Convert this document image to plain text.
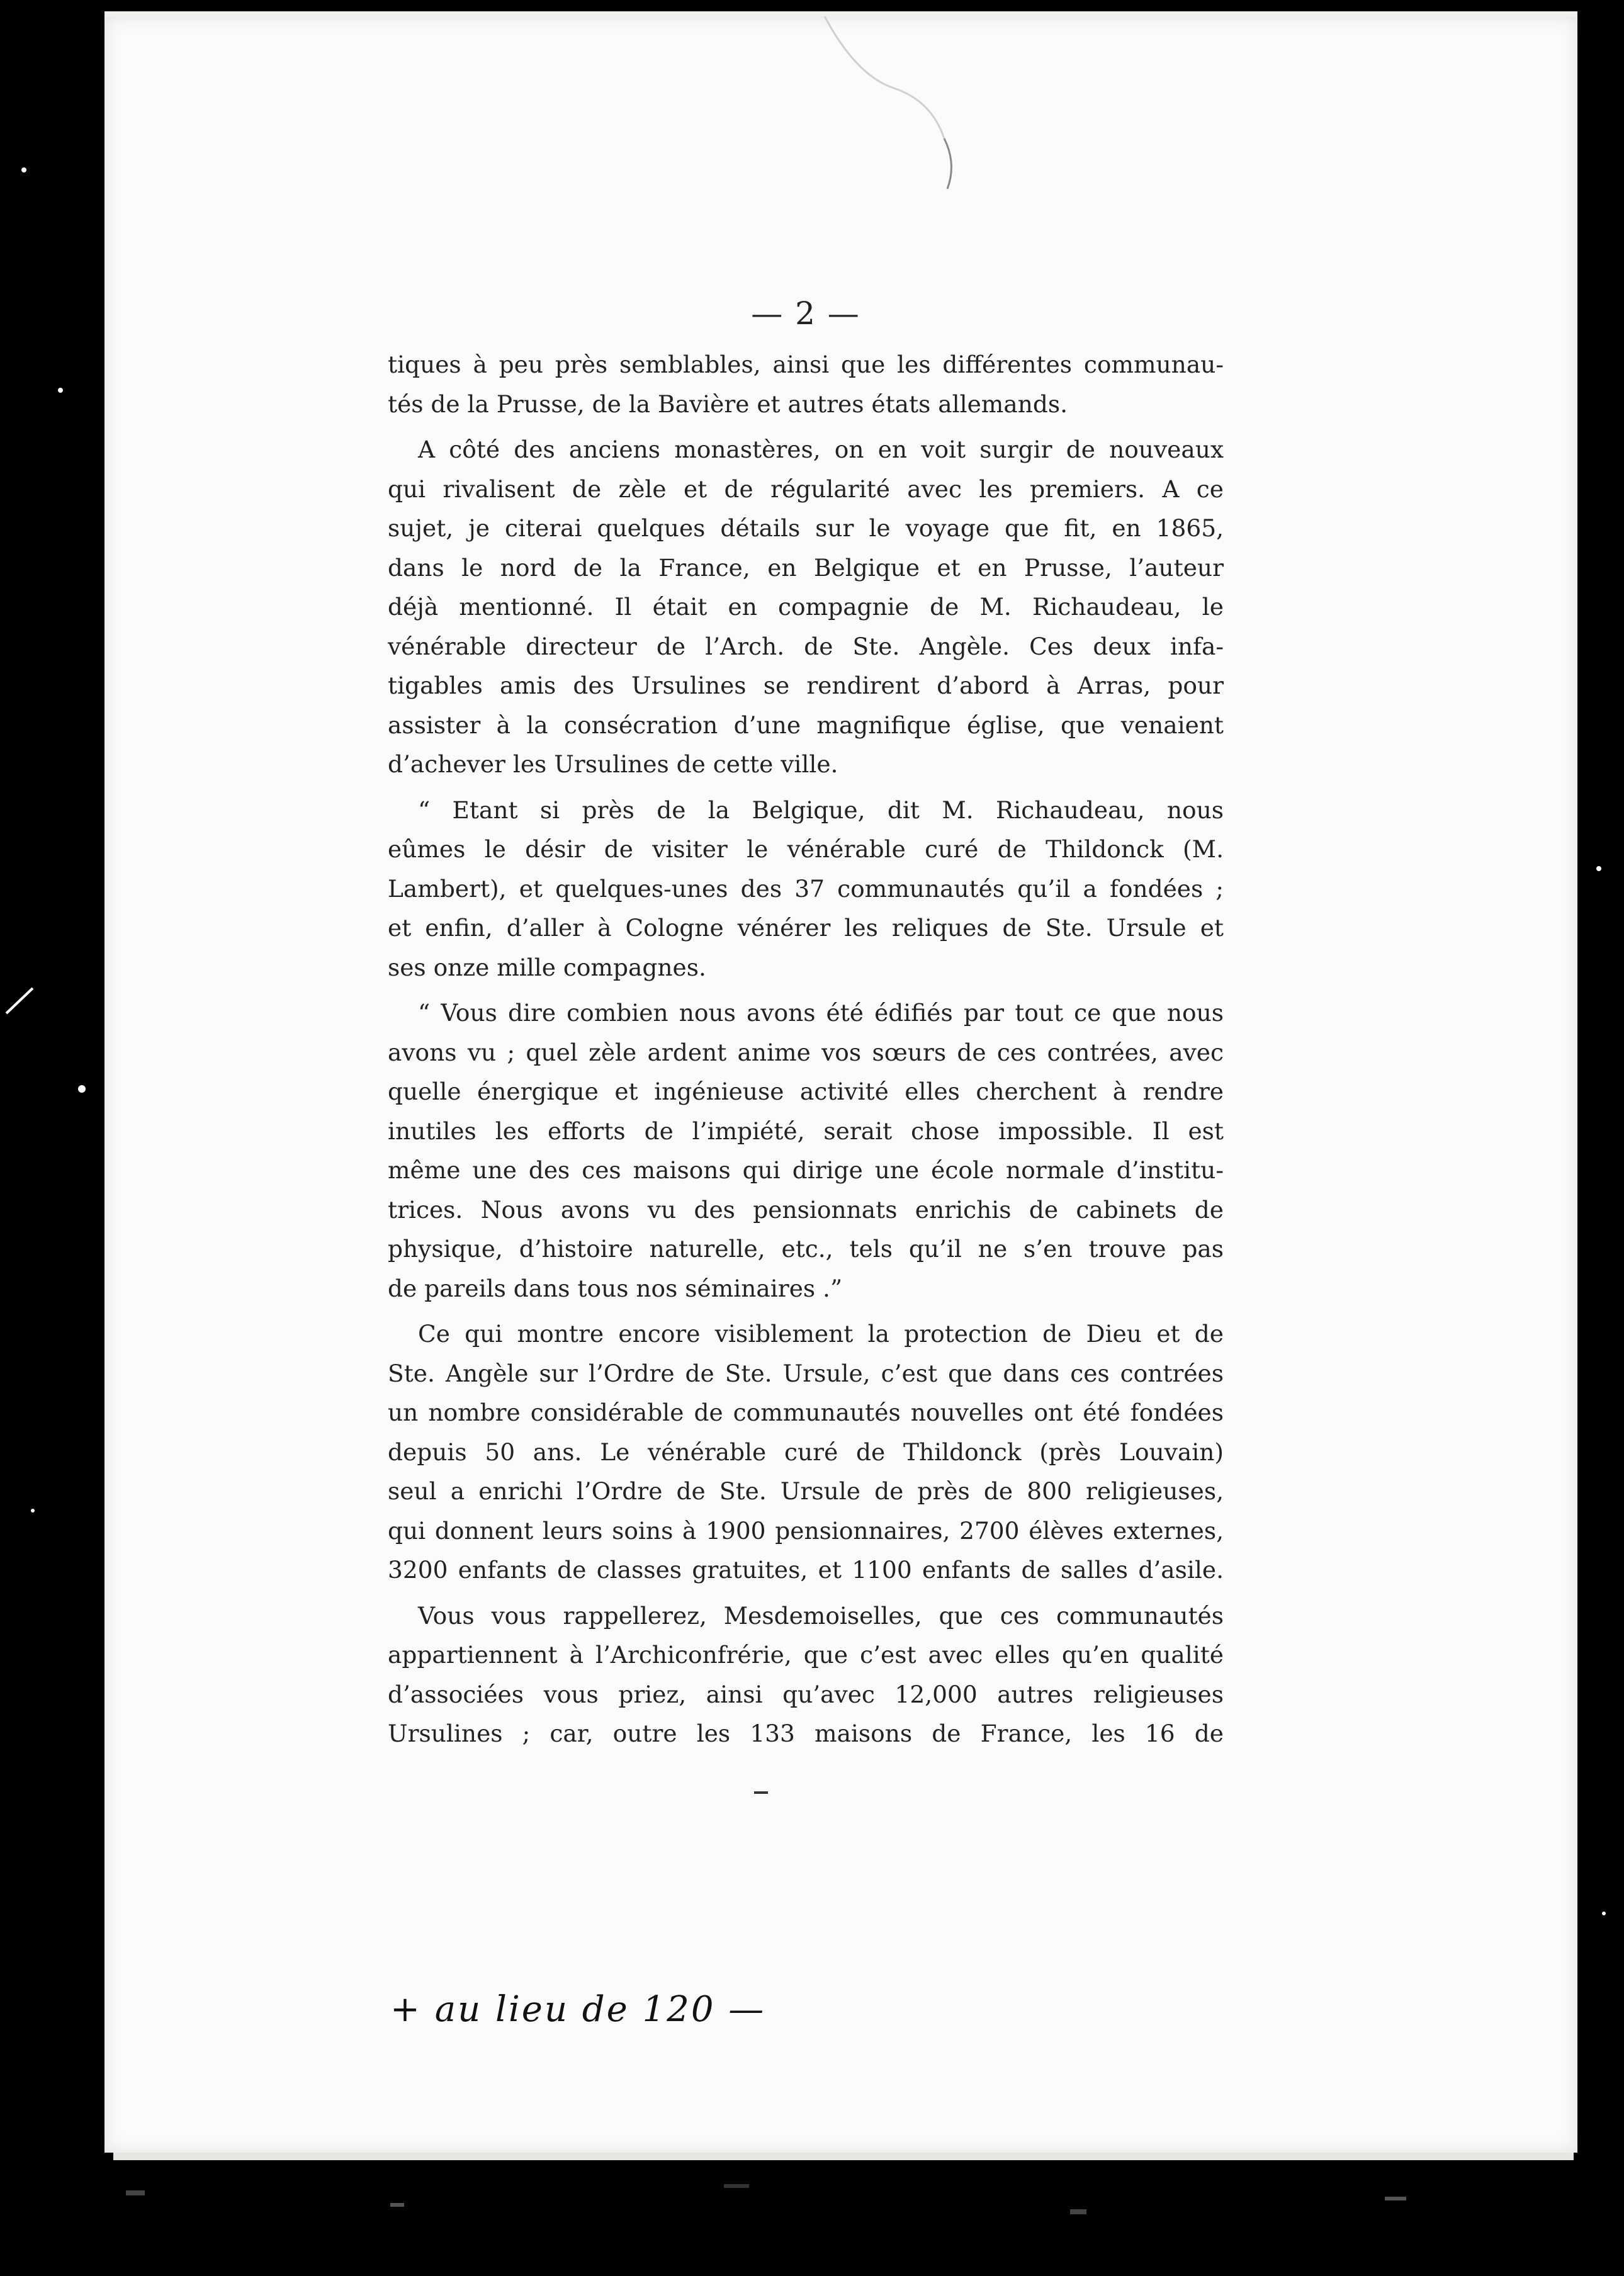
— 2 —
tiques à peu près semblables, ainsi que les différentes communau-
tés de la Prusse, de la Bavière et autres états allemands.
A côté des anciens monastères, on en voit surgir de nouveaux
qui rivalisent de zèle et de régularité avec les premiers. A ce
sujet, je citerai quelques détails sur le voyage que fit, en 1865,
dans le nord de la France, en Belgique et en Prusse, l’auteur
déjà mentionné. Il était en compagnie de M. Richaudeau, le
vénérable directeur de l’Arch. de Ste. Angèle. Ces deux infa-
tigables amis des Ursulines se rendirent d’abord à Arras, pour
assister à la consécration d’une magnifique église, que venaient
d’achever les Ursulines de cette ville.
“ Etant si près de la Belgique, dit M. Richaudeau, nous
eûmes le désir de visiter le vénérable curé de Thildonck (M.
Lambert), et quelques-unes des 37 communautés qu’il a fondées ;
et enfin, d’aller à Cologne vénérer les reliques de Ste. Ursule et
ses onze mille compagnes.
“ Vous dire combien nous avons été édifiés par tout ce que nous
avons vu ; quel zèle ardent anime vos sœurs de ces contrées, avec
quelle énergique et ingénieuse activité elles cherchent à rendre
inutiles les efforts de l’impiété, serait chose impossible. Il est
même une des ces maisons qui dirige une école normale d’institu-
trices. Nous avons vu des pensionnats enrichis de cabinets de
physique, d’histoire naturelle, etc., tels qu’il ne s’en trouve pas
de pareils dans tous nos séminaires .”
Ce qui montre encore visiblement la protection de Dieu et de
Ste. Angèle sur l’Ordre de Ste. Ursule, c’est que dans ces contrées
un nombre considérable de communautés nouvelles ont été fondées
depuis 50 ans. Le vénérable curé de Thildonck (près Louvain)
seul a enrichi l’Ordre de Ste. Ursule de près de 800 religieuses,
qui donnent leurs soins à 1900 pensionnaires, 2700 élèves externes,
3200 enfants de classes gratuites, et 1100 enfants de salles d’asile.
Vous vous rappellerez, Mesdemoiselles, que ces communautés
appartiennent à l’Archiconfrérie, que c’est avec elles qu’en qualité
d’associées vous priez, ainsi qu’avec 12,000 autres religieuses
Ursulines ; car, outre les 133 maisons de France, les 16 de
+ au lieu de 120 —
